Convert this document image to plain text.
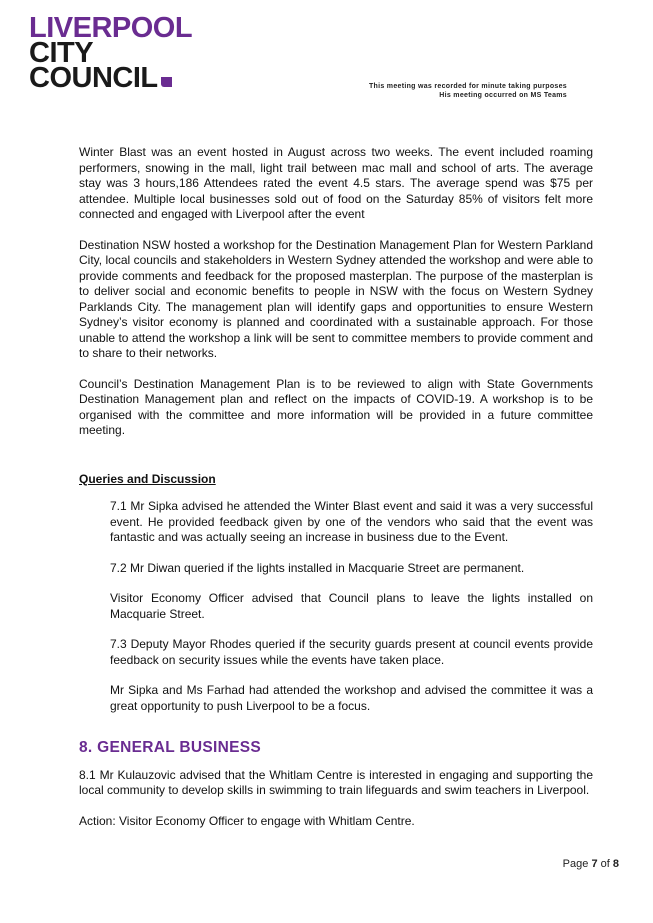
LIVERPOOL
CITY
COUNCIL	This meeting was recorded for minute taking purposes
His meeting occurred on MS Teams

Winter Blast was an event hosted in August across two weeks. The event included roaming performers, snowing in the mall, light trail between mac mall and school of arts. The average stay was 3 hours,186 Attendees rated the event 4.5 stars. The average spend was $75 per attendee. Multiple local businesses sold out of food on the Saturday 85% of visitors felt more connected and engaged with Liverpool after the event

Destination NSW hosted a workshop for the Destination Management Plan for Western Parkland City, local councils and stakeholders in Western Sydney attended the workshop and were able to provide comments and feedback for the proposed masterplan. The purpose of the masterplan is to deliver social and economic benefits to people in NSW with the focus on Western Sydney Parklands City. The management plan will identify gaps and opportunities to ensure Western Sydney’s visitor economy is planned and coordinated with a sustainable approach. For those unable to attend the workshop a link will be sent to committee members to provide comment and to share to their networks.

Council’s Destination Management Plan is to be reviewed to align with State Governments Destination Management plan and reflect on the impacts of COVID-19. A workshop is to be organised with the committee and more information will be provided in a future committee meeting.

Queries and Discussion

7.1 Mr Sipka advised he attended the Winter Blast event and said it was a very successful event. He provided feedback given by one of the vendors who said that the event was fantastic and was actually seeing an increase in business due to the Event.

7.2 Mr Diwan queried if the lights installed in Macquarie Street are permanent.

Visitor Economy Officer advised that Council plans to leave the lights installed on Macquarie Street.

7.3 Deputy Mayor Rhodes queried if the security guards present at council events provide feedback on security issues while the events have taken place.

Mr Sipka and Ms Farhad had attended the workshop and advised the committee it was a great opportunity to push Liverpool to be a focus.

8. GENERAL BUSINESS

8.1 Mr Kulauzovic advised that the Whitlam Centre is interested in engaging and supporting the local community to develop skills in swimming to train lifeguards and swim teachers in Liverpool.

Action: Visitor Economy Officer to engage with Whitlam Centre.

Page 7 of 8
